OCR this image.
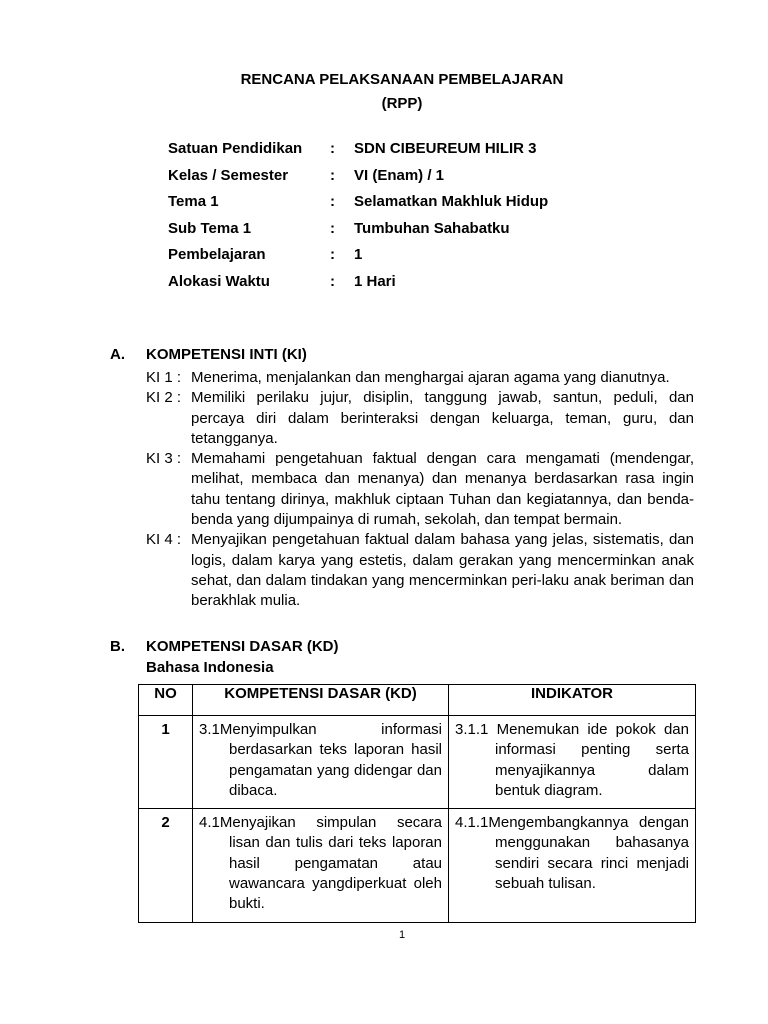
RENCANA PELAKSANAAN PEMBELAJARAN
(RPP)
Satuan Pendidikan : SDN CIBEUREUM HILIR 3
Kelas / Semester	: VI (Enam) / 1
Tema 1	: Selamatkan Makhluk Hidup
Sub Tema 1	: Tumbuhan Sahabatku
Pembelajaran	: 1
Alokasi Waktu	: 1 Hari
A. KOMPETENSI INTI (KI)
KI 1 : Menerima, menjalankan dan menghargai ajaran agama yang dianutnya.
KI 2 : Memiliki perilaku jujur, disiplin, tanggung jawab, santun, peduli, dan percaya diri dalam berinteraksi dengan keluarga, teman, guru, dan tetangganya.
KI 3 : Memahami pengetahuan faktual dengan cara mengamati (mendengar, melihat, membaca dan menanya) dan menanya berdasarkan rasa ingin tahu tentang dirinya, makhluk ciptaan Tuhan dan kegiatannya, dan benda-benda yang dijumpainya di rumah, sekolah, dan tempat bermain.
KI 4 : Menyajikan pengetahuan faktual dalam bahasa yang jelas, sistematis, dan logis, dalam karya yang estetis, dalam gerakan yang mencerminkan anak sehat, dan dalam tindakan yang mencerminkan peri-laku anak beriman dan berakhlak mulia.
B. KOMPETENSI DASAR (KD)
Bahasa Indonesia
NO	KOMPETENSI DASAR (KD)	INDIKATOR
1	3.1Menyimpulkan informasi berdasarkan teks laporan hasil pengamatan yang didengar dan dibaca.	3.1.1 Menemukan ide pokok dan informasi penting serta menyajikannya dalam bentuk diagram.

2	4.1Menyajikan simpulan secara lisan dan tulis dari teks laporan hasil pengamatan atau wawancara yangdiperkuat oleh bukti.	4.1.1Mengembangkannya dengan menggunakan bahasanya sendiri secara rinci menjadi sebuah tulisan.
1
